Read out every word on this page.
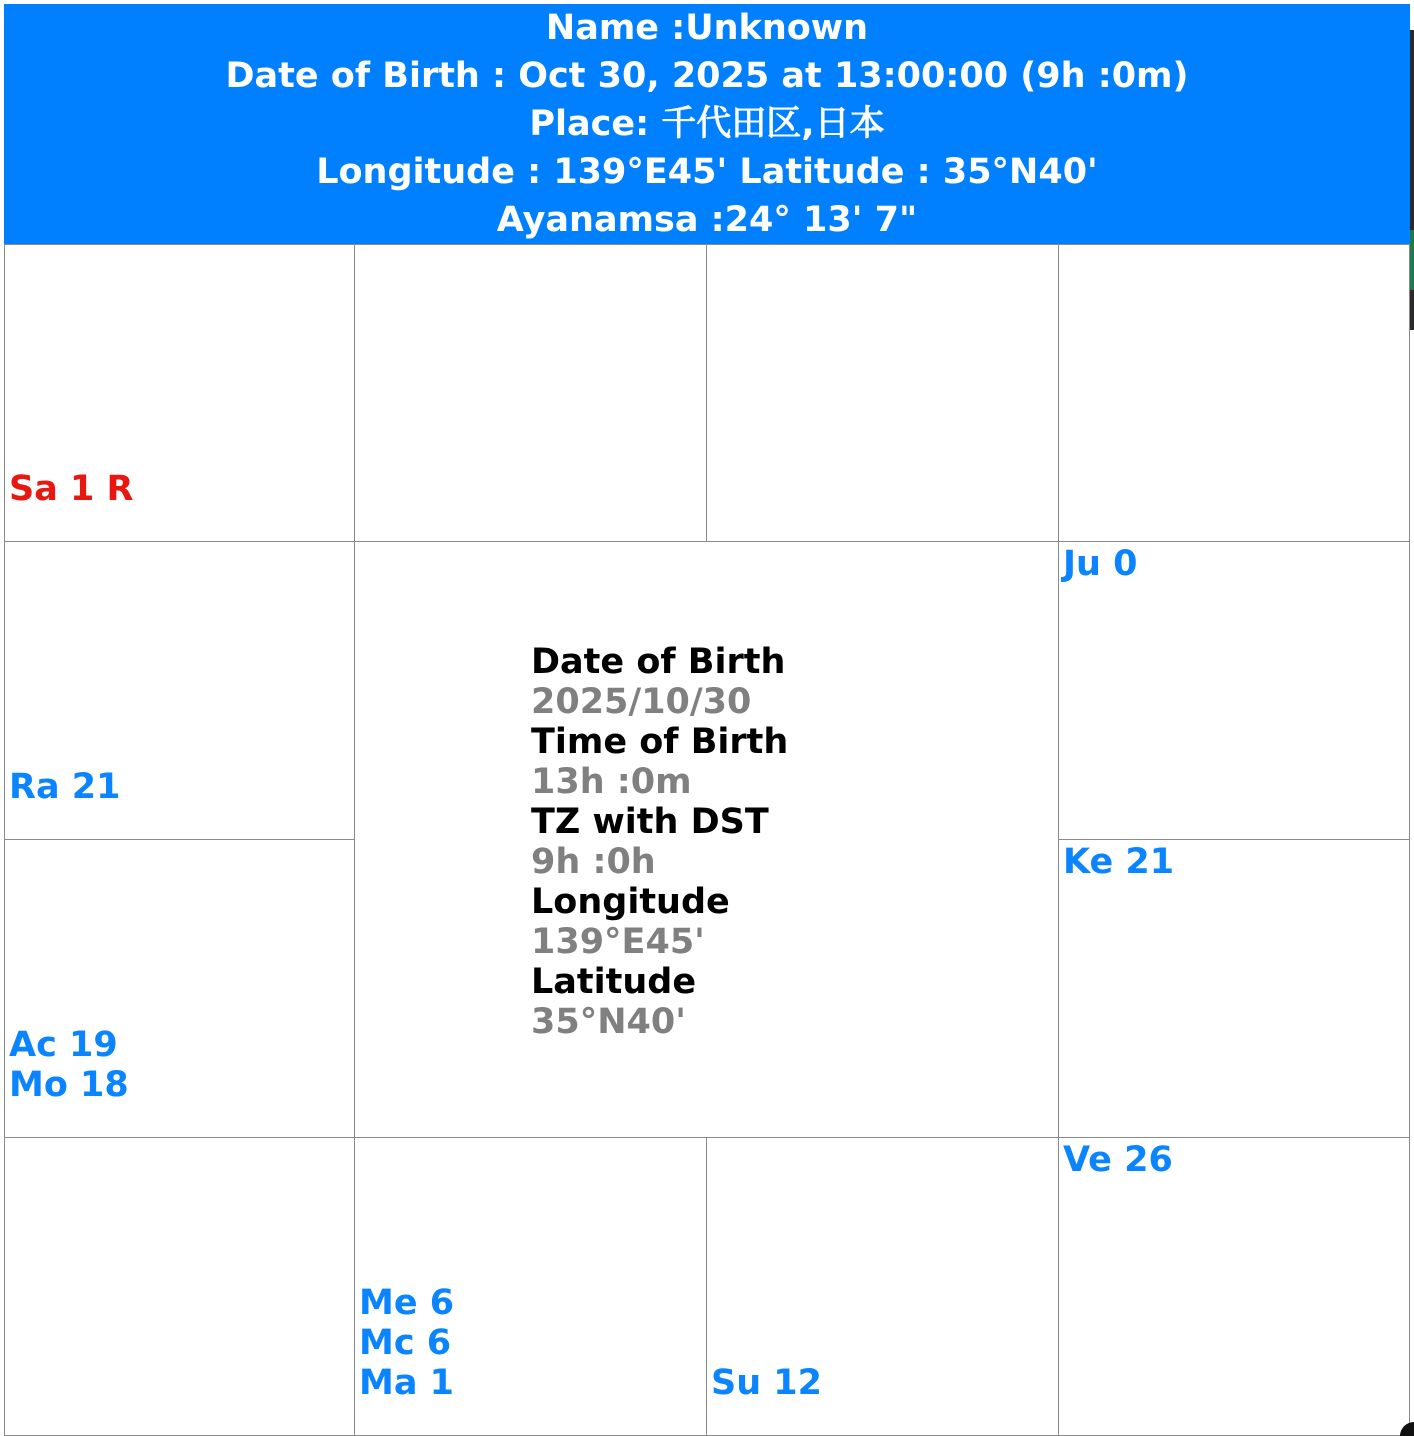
Name :Unknown
Date of Birth : Oct 30, 2025 at 13:00:00 (9h :0m)
Place: 千代田区,日本
Longitude : 139°E45' Latitude : 35°N40'
Ayanamsa :24° 13' 7"
Sa 1 R
Ra 21
Ju 0
Date of Birth
2025/10/30
Time of Birth
13h :0m
TZ with DST
9h :0h
Longitude
139°E45'
Latitude
35°N40'
Ac 19
Mo 18
Ke 21
Me 6
Mc 6
Ma 1	Su 12
Ve 26
